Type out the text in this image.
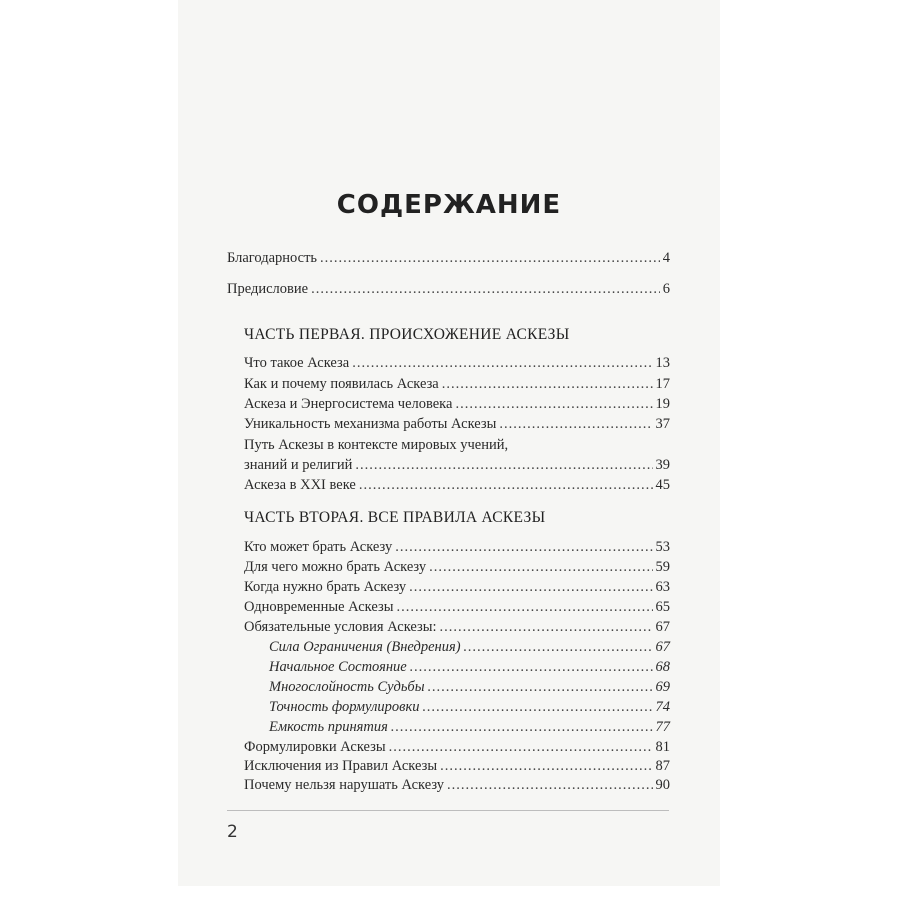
СОДЕРЖАНИЕ
Благодарность .....	4
Предисловие .....	6
ЧАСТЬ ПЕРВАЯ. ПРОИСХОЖЕНИЕ АСКЕЗЫ
Что такое Аскеза .....	13
Как и почему появилась Аскеза .....	17
Аскеза и Энергосистема человека .....	19
Уникальность механизма работы Аскезы .....	37
Путь Аскезы в контексте мировых учений,
знаний и религий .....	39
Аскеза в XXI веке .....	45
ЧАСТЬ ВТОРАЯ. ВСЕ ПРАВИЛА АСКЕЗЫ
Кто может брать Аскезу .....	53
Для чего можно брать Аскезу .....	59
Когда нужно брать Аскезу .....	63
Одновременные Аскезы .....	65
Обязательные условия Аскезы: .....	67
Сила Ограничения (Внедрения) .....	67
Начальное Состояние .....	68
Многослойность Судьбы .....	69
Точность формулировки .....	74
Емкость принятия .....	77
Формулировки Аскезы .....	81
Исключения из Правил Аскезы .....	87
Почему нельзя нарушать Аскезу .....	90
2
